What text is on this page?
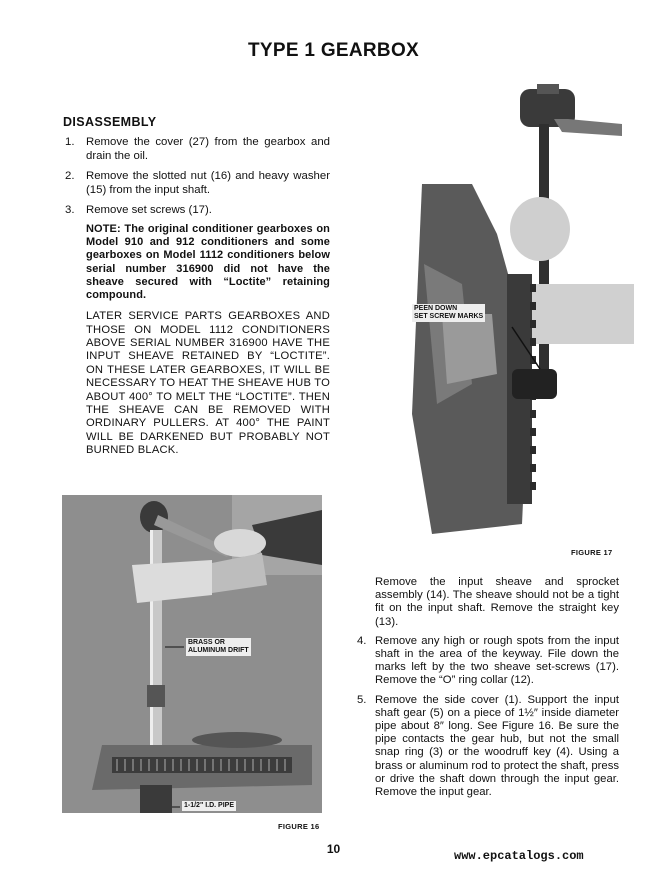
TYPE 1 GEARBOX
DISASSEMBLY
1.	Remove the cover (27) from the gearbox and drain the oil.
2.	Remove the slotted nut (16) and heavy washer (15) from the input shaft.
3.	Remove set screws (17).
NOTE: The original conditioner gearboxes on Model 910 and 912 conditioners and some gearboxes on Model 1112 conditioners below serial number 316900 did not have the sheave secured with “Loctite” retaining compound.
LATER SERVICE PARTS GEARBOXES AND THOSE ON MODEL 1112 CONDITIONERS ABOVE SERIAL NUMBER 316900 HAVE THE INPUT SHEAVE RETAINED BY “LOCTITE”. ON THESE LATER GEARBOXES, IT WILL BE NECESSARY TO HEAT THE SHEAVE HUB TO ABOUT 400° TO MELT THE “LOCTITE”. THEN THE SHEAVE CAN BE REMOVED WITH ORDINARY PULLERS. AT 400° THE PAINT WILL BE DARKENED BUT PROBABLY NOT BURNED BLACK.
PEEN DOWN
SET SCREW MARKS
FIGURE 17
BRASS OR
ALUMINUM DRIFT
1-1/2" I.D. PIPE
FIGURE 16
Remove the input sheave and sprocket assembly (14). The sheave should not be a tight fit on the input shaft. Remove the straight key (13).
4. Remove any high or rough spots from the input shaft in the area of the keyway. File down the marks left by the two sheave set-screws (17). Remove the “O” ring collar (12).
5. Remove the side cover (1). Support the input shaft gear (5) on a piece of 1½″ inside diameter pipe about 8″ long. See Figure 16. Be sure the pipe contacts the gear hub, but not the small snap ring (3) or the woodruff key (4). Using a brass or aluminum rod to protect the shaft, press or drive the shaft down through the input gear. Remove the input gear.
10	www.epcatalogs.com
